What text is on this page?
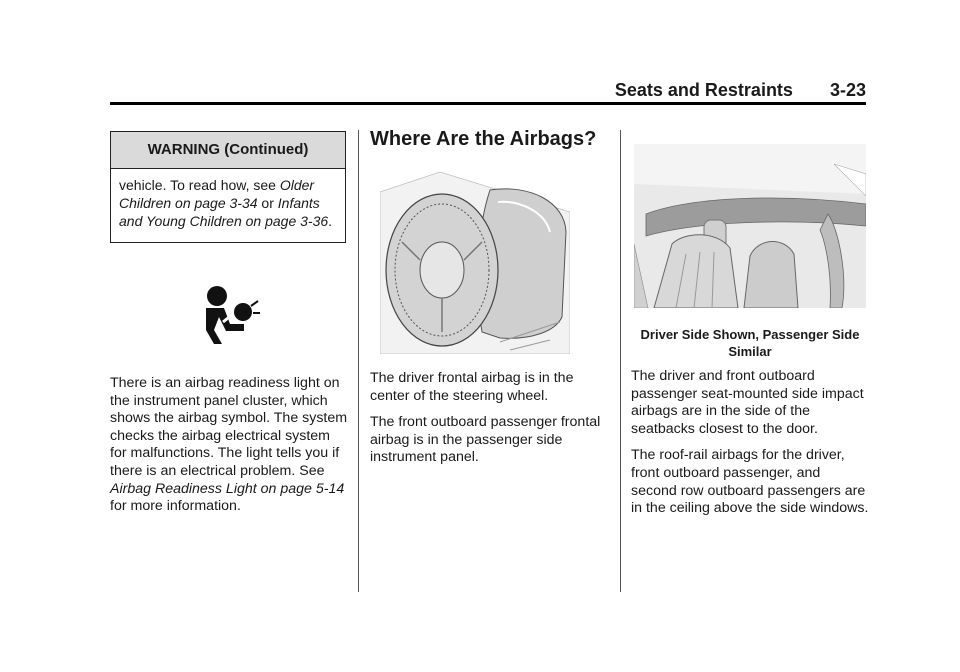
Seats and Restraints 3-23
WARNING (Continued)
vehicle. To read how, see Older Children on page 3-34 or Infants and Young Children on page 3-36.

There is an airbag readiness light on the instrument panel cluster, which shows the airbag symbol. The system checks the airbag electrical system for malfunctions. The light tells you if there is an electrical problem. See Airbag Readiness Light on page 5-14 for more information.

Where Are the Airbags?

The driver frontal airbag is in the center of the steering wheel.

The front outboard passenger frontal airbag is in the passenger side instrument panel.

Driver Side Shown, Passenger Side Similar

The driver and front outboard passenger seat-mounted side impact airbags are in the side of the seatbacks closest to the door.

The roof-rail airbags for the driver, front outboard passenger, and second row outboard passengers are in the ceiling above the side windows.
